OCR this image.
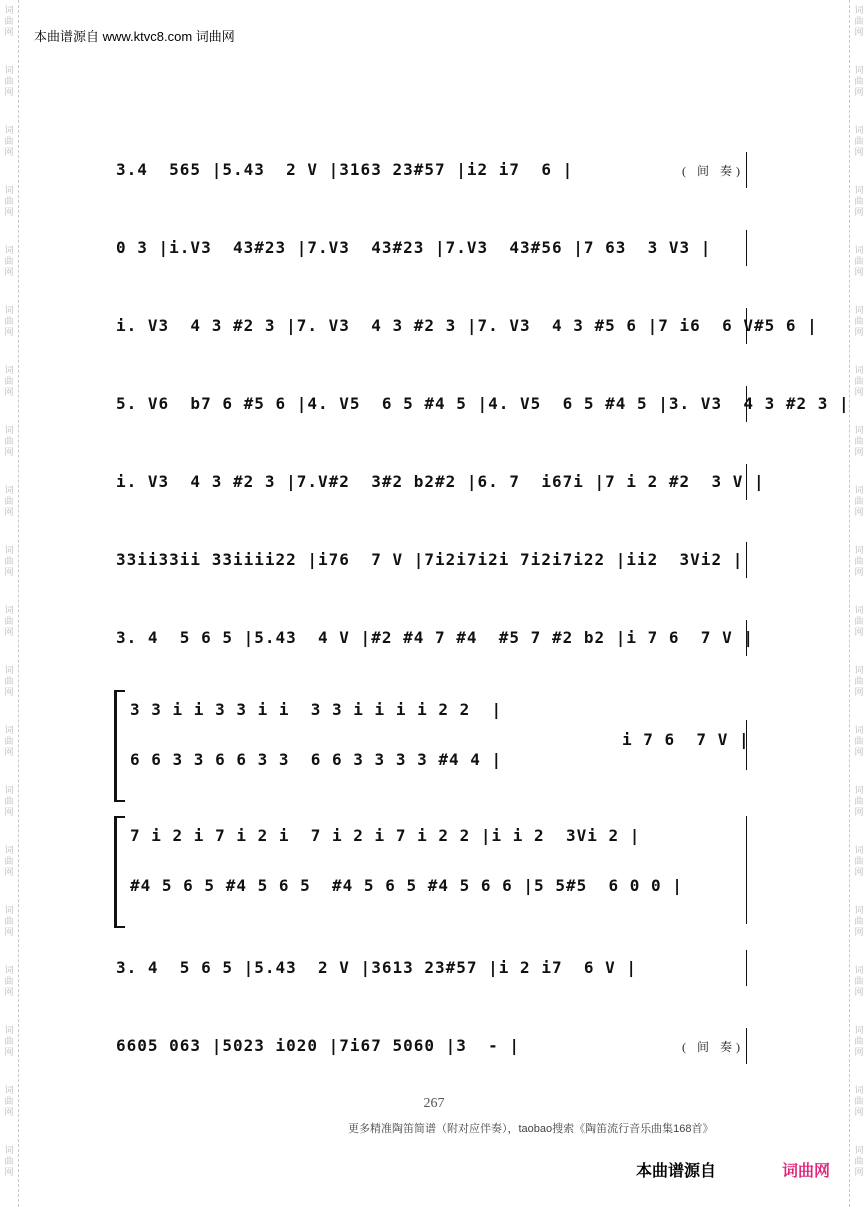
词
曲
网
词
曲
网
词
曲
网
词
曲
网
词
曲
网
词
曲
网
词
曲
网
词
曲
网
词
曲
网
词
曲
网
词
曲
网
词
曲
网
词
曲
网
词
曲
网
词
曲
网
词
曲
网
词
曲
网
词
曲
网
词
曲
网
词
曲
网
词
曲
网
词
曲
网
词
曲
网
词
曲
网
词
曲
网
词
曲
网
词
曲
网
词
曲
网
词
曲
网
词
曲
网
词
曲
网
词
曲
网
词
曲
网
词
曲
网
词
曲
网
词
曲
网
词
曲
网
词
曲
网
词
曲
网
词
曲
网
本曲谱源自 www.ktvc8.com 词曲网
3.4  565 |5.43  2 V |3163 23#57 |i2 i7  6 |	( 间 奏)
0 3 |i.V3  43#23 |7.V3  43#23 |7.V3  43#56 |7 63  3 V3 |
i. V3  4 3 #2 3 |7. V3  4 3 #2 3 |7. V3  4 3 #5 6 |7 i6  6 V#5 6 |
5. V6  b7 6 #5 6 |4. V5  6 5 #4 5 |4. V5  6 5 #4 5 |3. V3  4 3 #2 3 |
i. V3  4 3 #2 3 |7.V#2  3#2 b2#2 |6. 7  i67i |7 i 2 #2  3 V |
33ii33ii 33iiii22 |i76  7 V |7i2i7i2i 7i2i7i22 |ii2  3Vi2 |
3. 4  5 6 5 |5.43  4 V |#2 #4 7 #4  #5 7 #2 b2 |i 7 6  7 V |
3 3 i i 3 3 i i  3 3 i i i i 2 2  |
6 6 3 3 6 6 3 3  6 6 3 3 3 3 #4 4 |
i 7 6  7 V |
7 i 2 i 7 i 2 i  7 i 2 i 7 i 2 2 |i i 2  3Vi 2 |
#4 5 6 5 #4 5 6 5  #4 5 6 5 #4 5 6 6 |5 5#5  6 0 0 |
3. 4  5 6 5 |5.43  2 V |3613 23#57 |i 2 i7  6 V |
6605 063 |5023 i020 |7i67 5060 |3  - |	( 间 奏)
267
更多精准陶笛简谱（附对应伴奏），taobao搜索《陶笛流行音乐曲集168首》
本曲谱源自	词曲网
